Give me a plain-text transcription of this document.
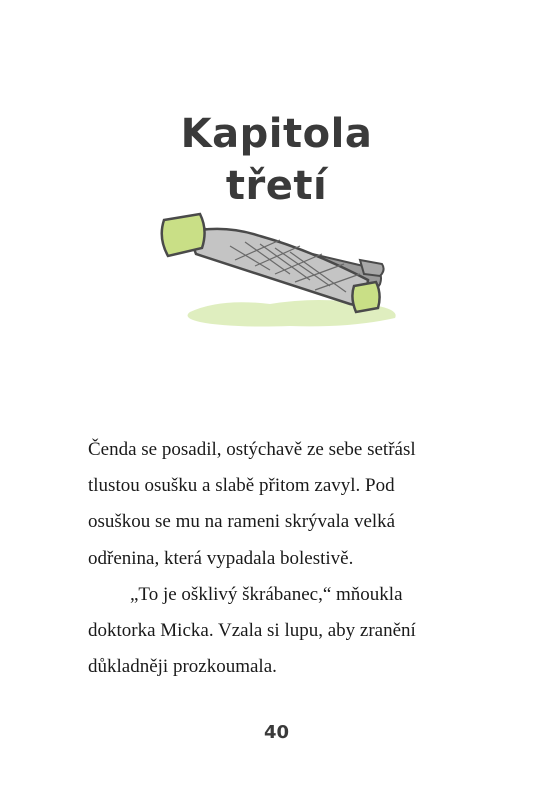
Kapitola
třetí

Čenda se posadil, ostýchavě ze sebe setřásl
tlustou osušku a slabě přitom zavyl. Pod
osuškou se mu na rameni skrývala velká
odřenina, která vypadala bolestivě.

„To je ošklivý škrábanec,“ mňoukla
doktorka Micka. Vzala si lupu, aby zranění
důkladněji prozkoumala.

40
